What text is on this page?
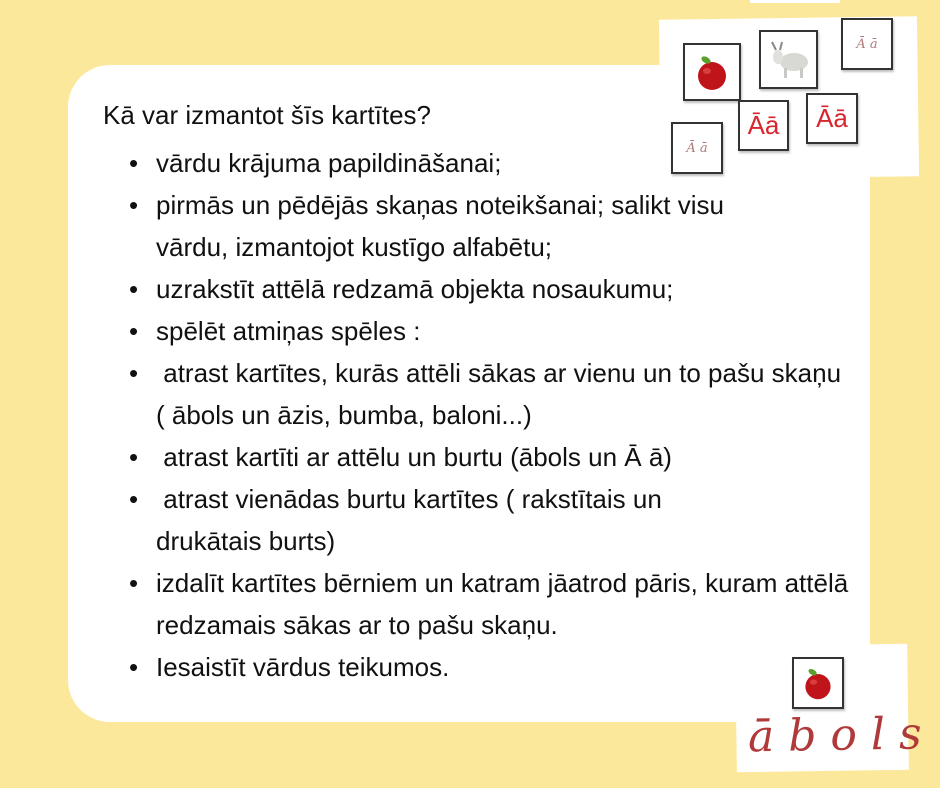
Kā var izmantot šīs kartītes?
• vārdu krājuma papildināšanai;
• pirmās un pēdējās skaņas noteikšanai; salikt visu vārdu, izmantojot kustīgo alfabētu;
• uzrakstīt attēlā redzamā objekta nosaukumu;
• spēlēt atmiņas spēles :
• atrast kartītes, kurās attēli sākas ar vienu un to pašu skaņu ( ābols un āzis, bumba, baloni...)
• atrast kartīti ar attēlu un burtu (ābols un Ā ā)
• atrast vienādas burtu kartītes ( rakstītais un drukātais burts)
• izdalīt kartītes bērniem un katram jāatrod pāris, kuram attēlā redzamais sākas ar to pašu skaņu.
• Iesaistīt vārdus teikumos.
Ā ā
Āā Āā
Ā ā
ābols
